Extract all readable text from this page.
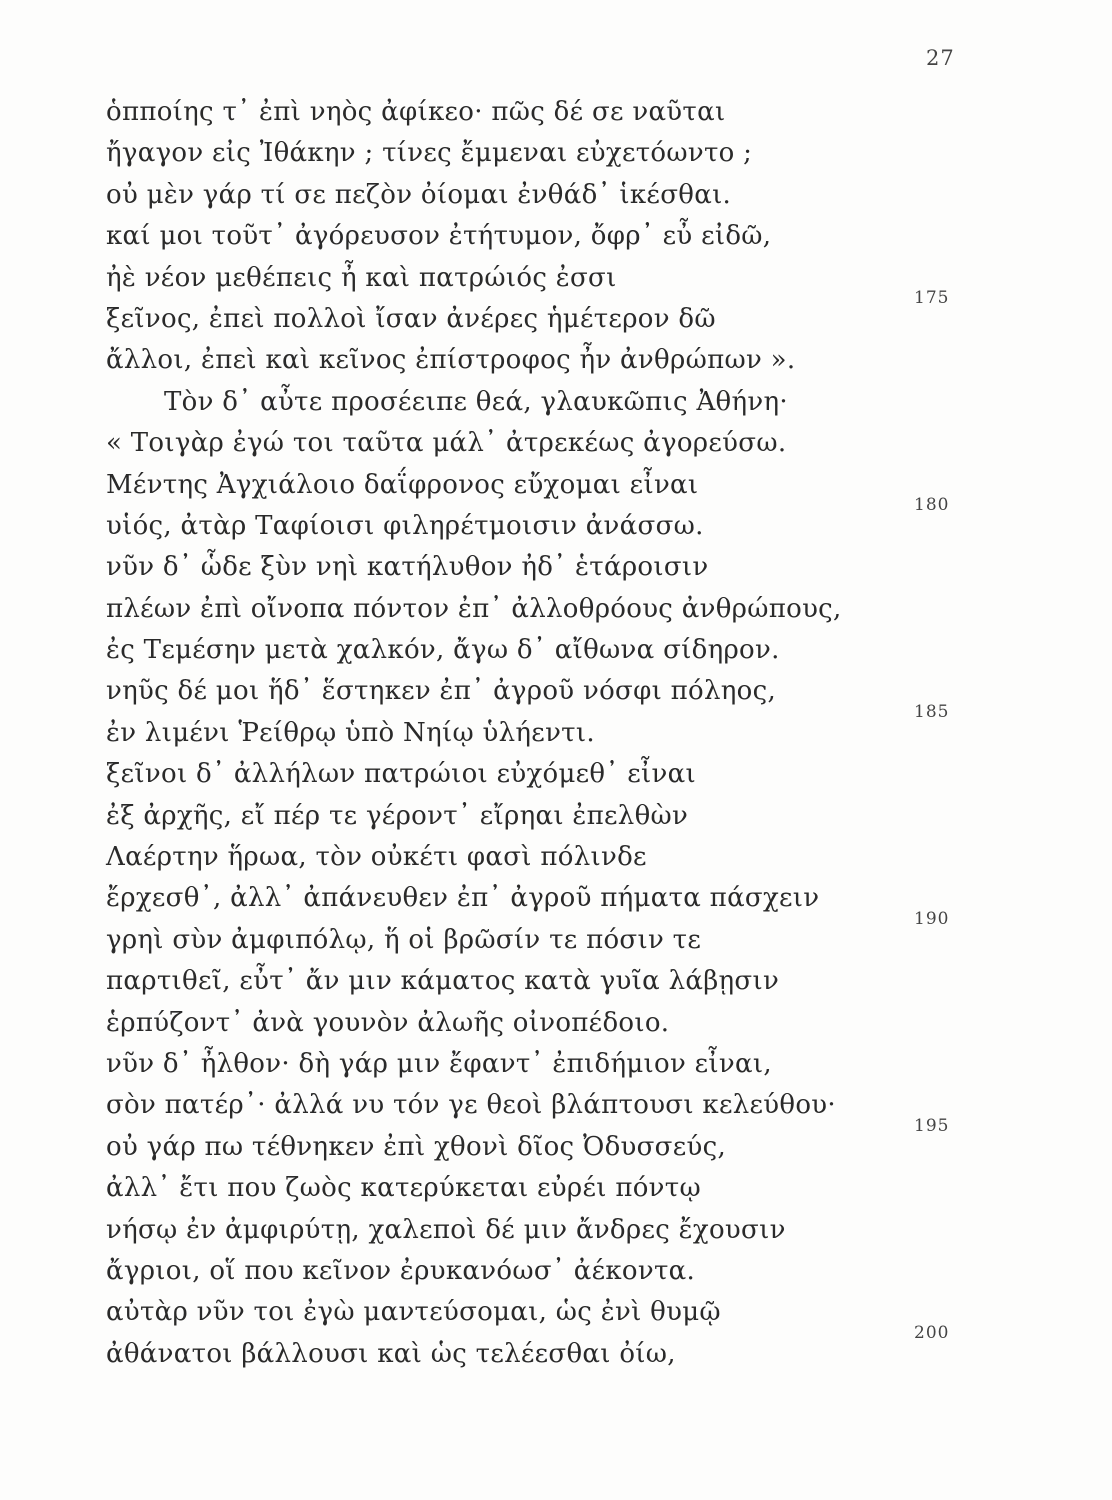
27
ὁπποίης τ᾽ ἐπὶ νηὸς ἀφίκεο· πῶς δέ σε ναῦται
ἤγαγον εἰς Ἰθάκην ; τίνες ἔμμεναι εὐχετόωντο ;
οὐ μὲν γάρ τί σε πεζὸν ὀίομαι ἐνθάδ᾽ ἱκέσθαι.
καί μοι τοῦτ᾽ ἀγόρευσον ἐτήτυμον, ὄφρ᾽ εὖ εἰδῶ,
ἠὲ νέον μεθέπεις ἦ καὶ πατρώιός ἐσσι
ξεῖνος, ἐπεὶ πολλοὶ ἴσαν ἀνέρες ἡμέτερον δῶ
ἄλλοι, ἐπεὶ καὶ κεῖνος ἐπίστροφος ἦν ἀνθρώπων ».
Τὸν δ᾽ αὖτε προσέειπε θεά, γλαυκῶπις Ἀθήνη·
« Τοιγὰρ ἐγώ τοι ταῦτα μάλ᾽ ἀτρεκέως ἀγορεύσω.
Μέντης Ἀγχιάλοιο δαΐφρονος εὔχομαι εἶναι
υἱός, ἀτὰρ Ταφίοισι φιληρέτμοισιν ἀνάσσω.
νῦν δ᾽ ὧδε ξὺν νηὶ κατήλυθον ἠδ᾽ ἑτάροισιν
πλέων ἐπὶ οἴνοπα πόντον ἐπ᾽ ἀλλοθρόους ἀνθρώπους,
ἐς Τεμέσην μετὰ χαλκόν, ἄγω δ᾽ αἴθωνα σίδηρον.
νηῦς δέ μοι ἥδ᾽ ἕστηκεν ἐπ᾽ ἀγροῦ νόσφι πόληος,
ἐν λιμένι Ῥείθρῳ ὑπὸ Νηίῳ ὑλήεντι.
ξεῖνοι δ᾽ ἀλλήλων πατρώιοι εὐχόμεθ᾽ εἶναι
ἐξ ἀρχῆς, εἴ πέρ τε γέροντ᾽ εἴρηαι ἐπελθὼν
Λαέρτην ἥρωα, τὸν οὐκέτι φασὶ πόλινδε
ἔρχεσθ᾽, ἀλλ᾽ ἀπάνευθεν ἐπ᾽ ἀγροῦ πήματα πάσχειν
γρηὶ σὺν ἀμφιπόλῳ, ἥ οἱ βρῶσίν τε πόσιν τε
παρτιθεῖ, εὖτ᾽ ἄν μιν κάματος κατὰ γυῖα λάβῃσιν
ἑρπύζοντ᾽ ἀνὰ γουνὸν ἀλωῆς οἰνοπέδοιο.
νῦν δ᾽ ἦλθον· δὴ γάρ μιν ἔφαντ᾽ ἐπιδήμιον εἶναι,
σὸν πατέρ᾽· ἀλλά νυ τόν γε θεοὶ βλάπτουσι κελεύθου·
οὐ γάρ πω τέθνηκεν ἐπὶ χθονὶ δῖος Ὀδυσσεύς,
ἀλλ᾽ ἔτι που ζωὸς κατερύκεται εὐρέι πόντῳ
νήσῳ ἐν ἀμφιρύτῃ, χαλεποὶ δέ μιν ἄνδρες ἔχουσιν
ἄγριοι, οἵ που κεῖνον ἐρυκανόωσ᾽ ἀέκοντα.
αὐτὰρ νῦν τοι ἐγὼ μαντεύσομαι, ὡς ἐνὶ θυμῷ
ἀθάνατοι βάλλουσι καὶ ὡς τελέεσθαι ὀίω,
175
180
185
190
195
200
